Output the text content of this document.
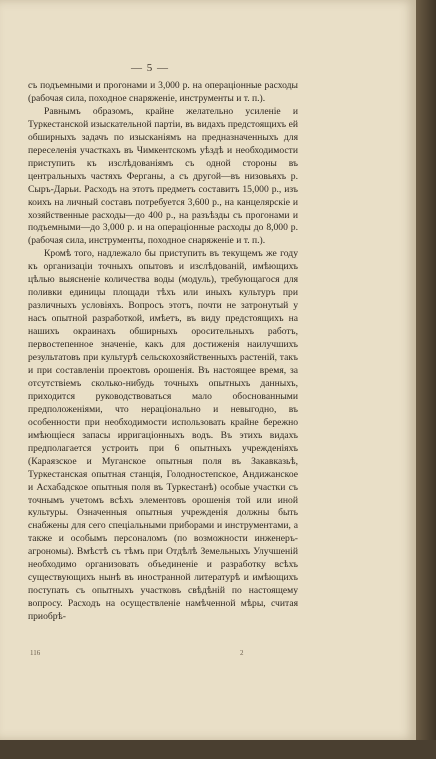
— 5 —

съ подъемными и прогонами и 3,000 р. на операціонные расходы (рабочая сила, походное снаряженіе, инструменты и т. п.).

Равнымъ образомъ, крайне желательно усиленіе и Туркестанской изыскательной партіи, въ видахъ предстоящихъ ей обширныхъ задачъ по изысканіямъ на предназначенныхъ для переселенія участкахъ въ Чимкентскомъ уѣздѣ и необходимости приступить къ изслѣдованіямъ съ одной стороны въ центральныхъ частяхъ Ферганы, а съ другой—въ низовьяхъ р. Сыръ-Дарьи. Расходъ на этотъ предметъ составитъ 15,000 р., изъ коихъ на личный составъ потребуется 3,600 р., на канцелярскіе и хозяйственные расходы—до 400 р., на разъѣзды съ прогонами и подъемными—до 3,000 р. и на операціонные расходы до 8,000 р. (рабочая сила, инструменты, походное снаряженіе и т. п.).

Кромѣ того, надлежало бы приступить въ текущемъ же году къ организаціи точныхъ опытовъ и изслѣдованій, имѣющихъ цѣлью выясненіе количества воды (модуль), требующагося для поливки единицы площади тѣхъ или иныхъ культуръ при различныхъ условіяхъ. Вопросъ этотъ, почти не затронутый у насъ опытной разработкой, имѣетъ, въ виду предстоящихъ на нашихъ окраинахъ обширныхъ оросительныхъ работъ, первостепенное значеніе, какъ для достиженія наилучшихъ результатовъ при культурѣ сельскохозяйственныхъ растеній, такъ и при составленіи проектовъ орошенія. Въ настоящее время, за отсутствіемъ сколько-нибудь точныхъ опытныхъ данныхъ, приходится руководствоваться мало обоснованными предположеніями, что нераціонально и невыгодно, въ особенности при необходимости использовать крайне бережно имѣющіеся запасы ирригаціонныхъ водъ. Въ этихъ видахъ предполагается устроить при 6 опытныхъ учрежденіяхъ (Караязское и Муганское опытныя поля въ Закавказьѣ, Туркестанская опытная станція, Голодностепское, Андижанское и Асхабадское опытныя поля въ Туркестанѣ) особые участки съ точнымъ учетомъ всѣхъ элементовъ орошенія той или иной культуры. Означенныя опытныя учрежденія должны быть снабжены для сего спеціальными приборами и инструментами, а также и особымъ персоналомъ (по возможности инженеръ-агрономы). Вмѣстѣ съ тѣмъ при Отдѣлѣ Земельныхъ Улучшеній необходимо организовать объединеніе и разработку всѣхъ существующихъ нынѣ въ иностранной литературѣ и имѣющихъ поступать съ опытныхъ участковъ свѣдѣній по настоящему вопросу. Расходъ на осуществленіе намѣченной мѣры, считая приобрѣ-

116	2
